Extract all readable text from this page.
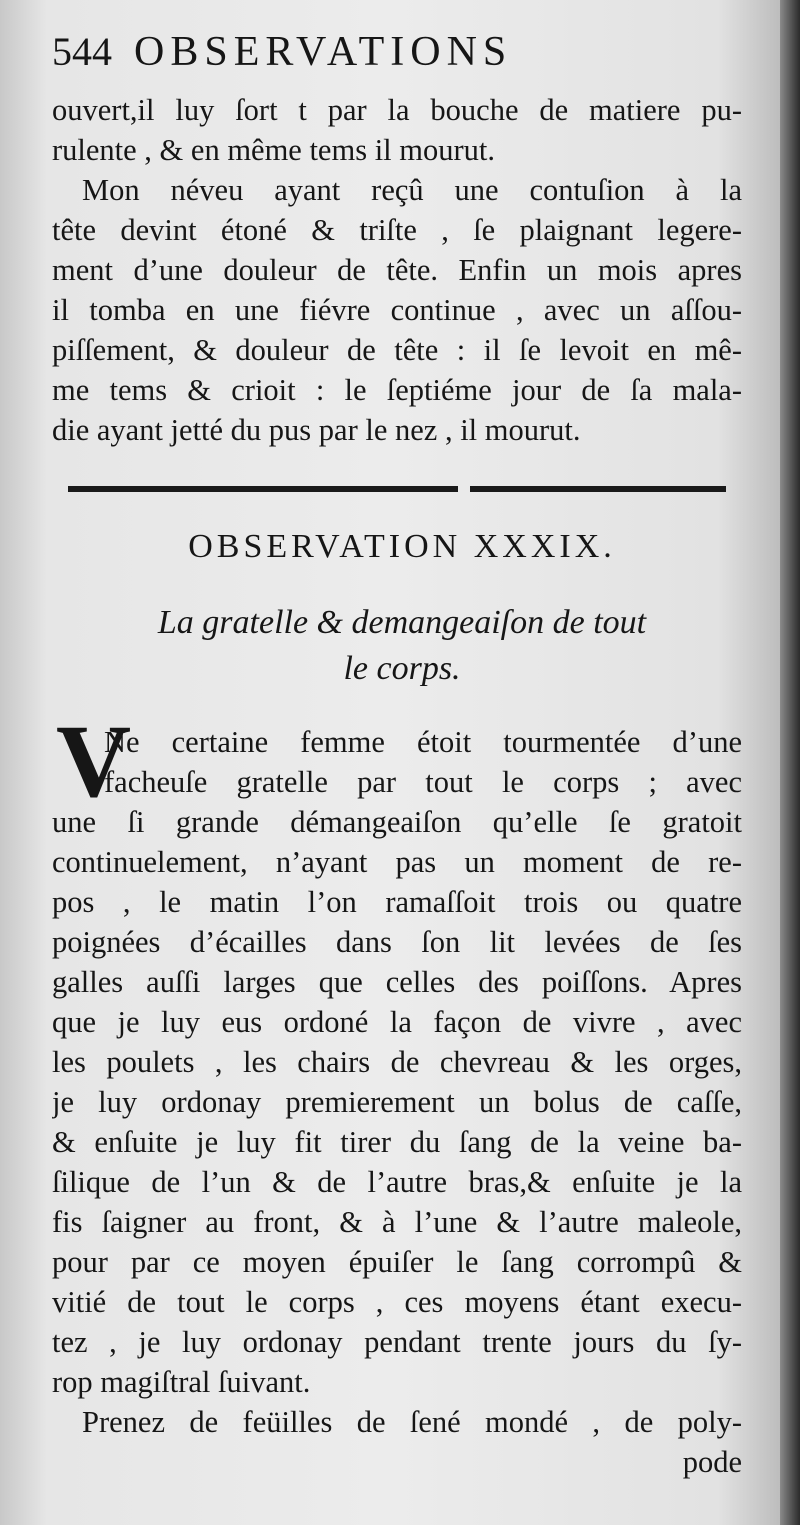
544 OBSERVATIONS
ouvert,il luy ſort t par la bouche de matiere pu-
rulente , & en même tems il mourut.
Mon néveu ayant reçû une contuſion à la
tête devint étoné & triſte , ſe plaignant legere-
ment d’une douleur de tête. Enfin un mois apres
il tomba en une fiévre continue , avec un aſſou-
piſſement, & douleur de tête : il ſe levoit en mê-
me tems & crioit : le ſeptiéme jour de ſa mala-
die ayant jetté du pus par le nez , il mourut.
OBSERVATION XXXIX.
La gratelle & demangeaiſon de tout
le corps.
V
Ne certaine femme étoit tourmentée d’une
facheuſe gratelle par tout le corps ; avec
une ſi grande démangeaiſon qu’elle ſe gratoit
continuelement, n’ayant pas un moment de re-
pos , le matin l’on ramaſſoit trois ou quatre
poignées d’écailles dans ſon lit levées de ſes
galles auſſi larges que celles des poiſſons. Apres
que je luy eus ordoné la façon de vivre , avec
les poulets , les chairs de chevreau & les orges,
je luy ordonay premierement un bolus de caſſe,
& enſuite je luy fit tirer du ſang de la veine ba-
ſilique de l’un & de l’autre bras,& enſuite je la
fis ſaigner au front, & à l’une & l’autre maleole,
pour par ce moyen épuiſer le ſang corrompû &
vitié de tout le corps , ces moyens étant execu-
tez , je luy ordonay pendant trente jours du ſy-
rop magiſtral ſuivant.
Prenez de feüilles de ſené mondé , de poly-
pode
